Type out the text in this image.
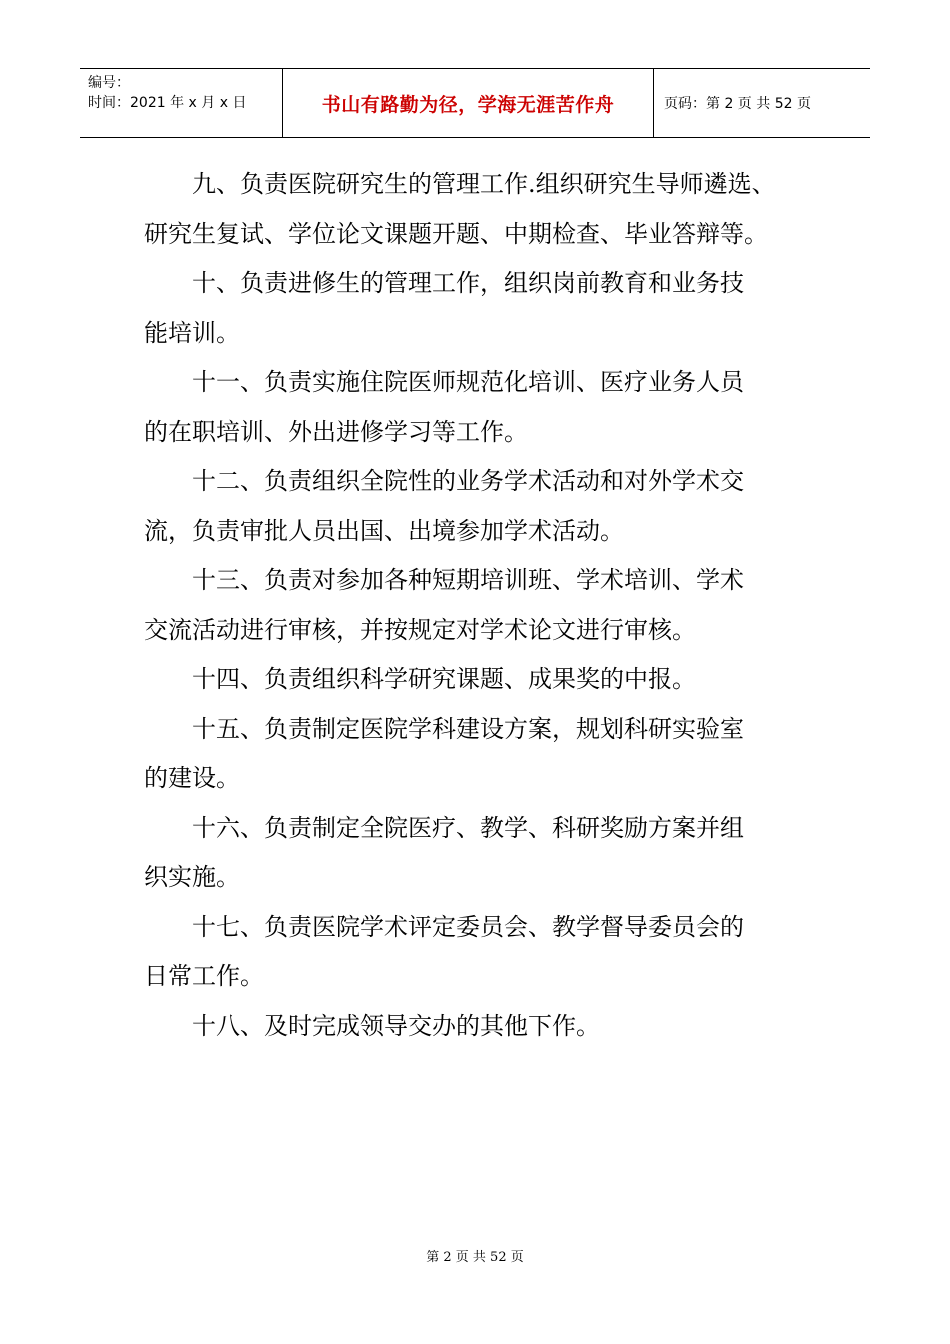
编号：
时间：2021 年 x 月 x 日	书山有路勤为径，学海无涯苦作舟	页码：第 2 页 共 52 页

九、负责医院研究生的管理工作.组织研究生导师遴选、
研究生复试、学位论文课题开题、中期检查、毕业答辩等。

十、负责进修生的管理工作，组织岗前教育和业务技
能培训。

十一、负责实施住院医师规范化培训、医疗业务人员
的在职培训、外出进修学习等工作。

十二、负责组织全院性的业务学术活动和对外学术交
流，负责审批人员出国、出境参加学术活动。

十三、负责对参加各种短期培训班、学术培训、学术
交流活动进行审核，并按规定对学术论文进行审核。

十四、负责组织科学研究课题、成果奖的中报。

十五、负责制定医院学科建设方案，规划科研实验室
的建设。

十六、负责制定全院医疗、教学、科研奖励方案并组
织实施。

十七、负责医院学术评定委员会、教学督导委员会的
日常工作。

十八、及时完成领导交办的其他下作。

第 2 页 共 52 页
